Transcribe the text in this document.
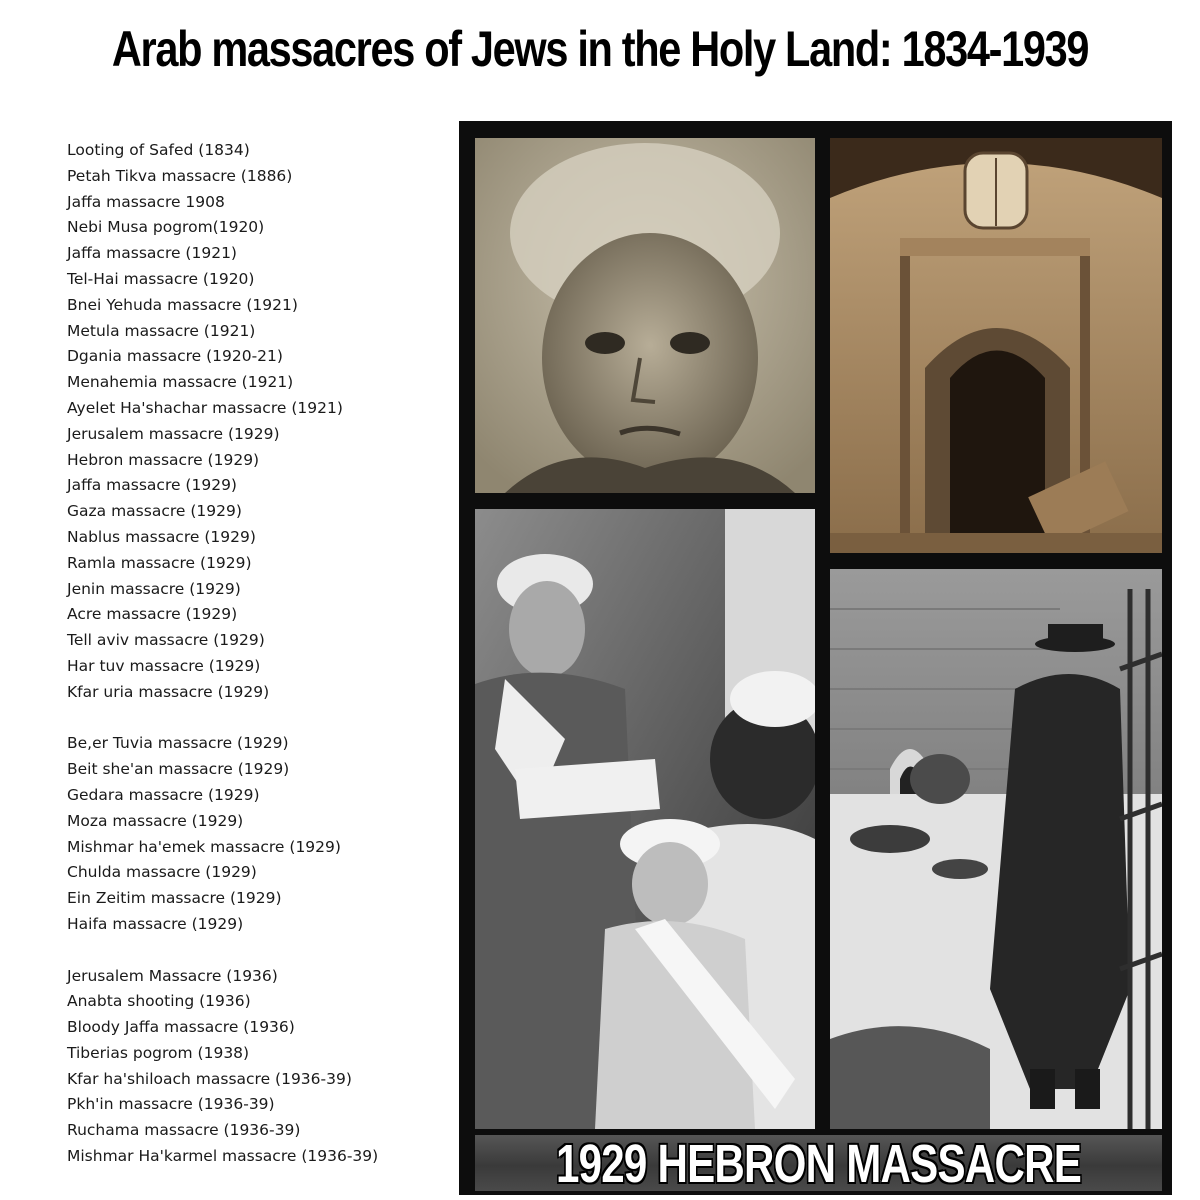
Arab massacres of Jews in the Holy Land: 1834-1939
Looting of Safed (1834)
Petah Tikva massacre (1886)
Jaffa massacre 1908
Nebi Musa pogrom(1920)
Jaffa massacre (1921)
Tel-Hai massacre (1920)
Bnei Yehuda massacre (1921)
Metula massacre (1921)
Dgania massacre (1920-21)
Menahemia massacre (1921)
Ayelet Ha'shachar massacre (1921)
Jerusalem massacre (1929)
Hebron massacre (1929)
Jaffa massacre (1929)
Gaza massacre (1929)
Nablus massacre (1929)
Ramla massacre (1929)
Jenin massacre (1929)
Acre massacre (1929)
Tell aviv massacre (1929)
Har tuv massacre (1929)
Kfar uria massacre (1929)
Be,er Tuvia massacre (1929)
Beit she'an massacre (1929)
Gedara massacre (1929)
Moza massacre (1929)
Mishmar ha'emek massacre (1929)
Chulda massacre (1929)
Ein Zeitim massacre (1929)
Haifa massacre (1929)
Jerusalem Massacre (1936)
Anabta shooting (1936)
Bloody Jaffa massacre (1936)
Tiberias pogrom (1938)
Kfar ha'shiloach massacre (1936-39)
Pkh'in massacre (1936-39)
Ruchama massacre (1936-39)
Mishmar Ha'karmel massacre (1936-39)	1929 HEBRON MASSACRE
